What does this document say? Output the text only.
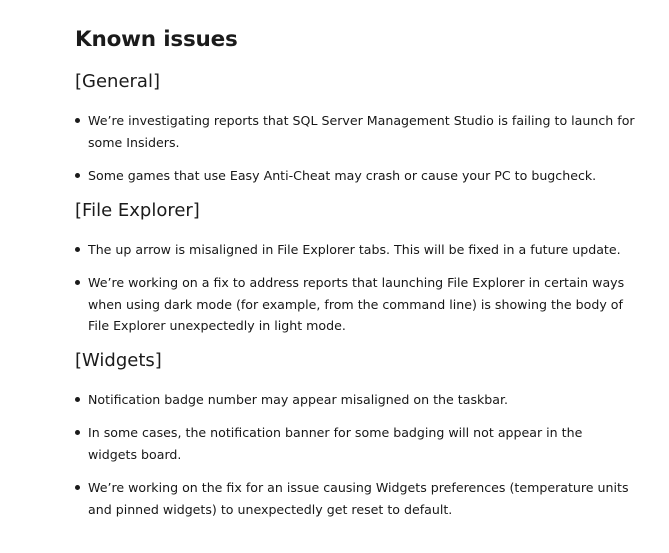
Known issues
[General]
We’re investigating reports that SQL Server Management Studio is failing to launch for some Insiders.
Some games that use Easy Anti-Cheat may crash or cause your PC to bugcheck.
[File Explorer]
The up arrow is misaligned in File Explorer tabs. This will be fixed in a future update.
We’re working on a fix to address reports that launching File Explorer in certain ways when using dark mode (for example, from the command line) is showing the body of File Explorer unexpectedly in light mode.
[Widgets]
Notification badge number may appear misaligned on the taskbar.
In some cases, the notification banner for some badging will not appear in the widgets board.
We’re working on the fix for an issue causing Widgets preferences (temperature units and pinned widgets) to unexpectedly get reset to default.
